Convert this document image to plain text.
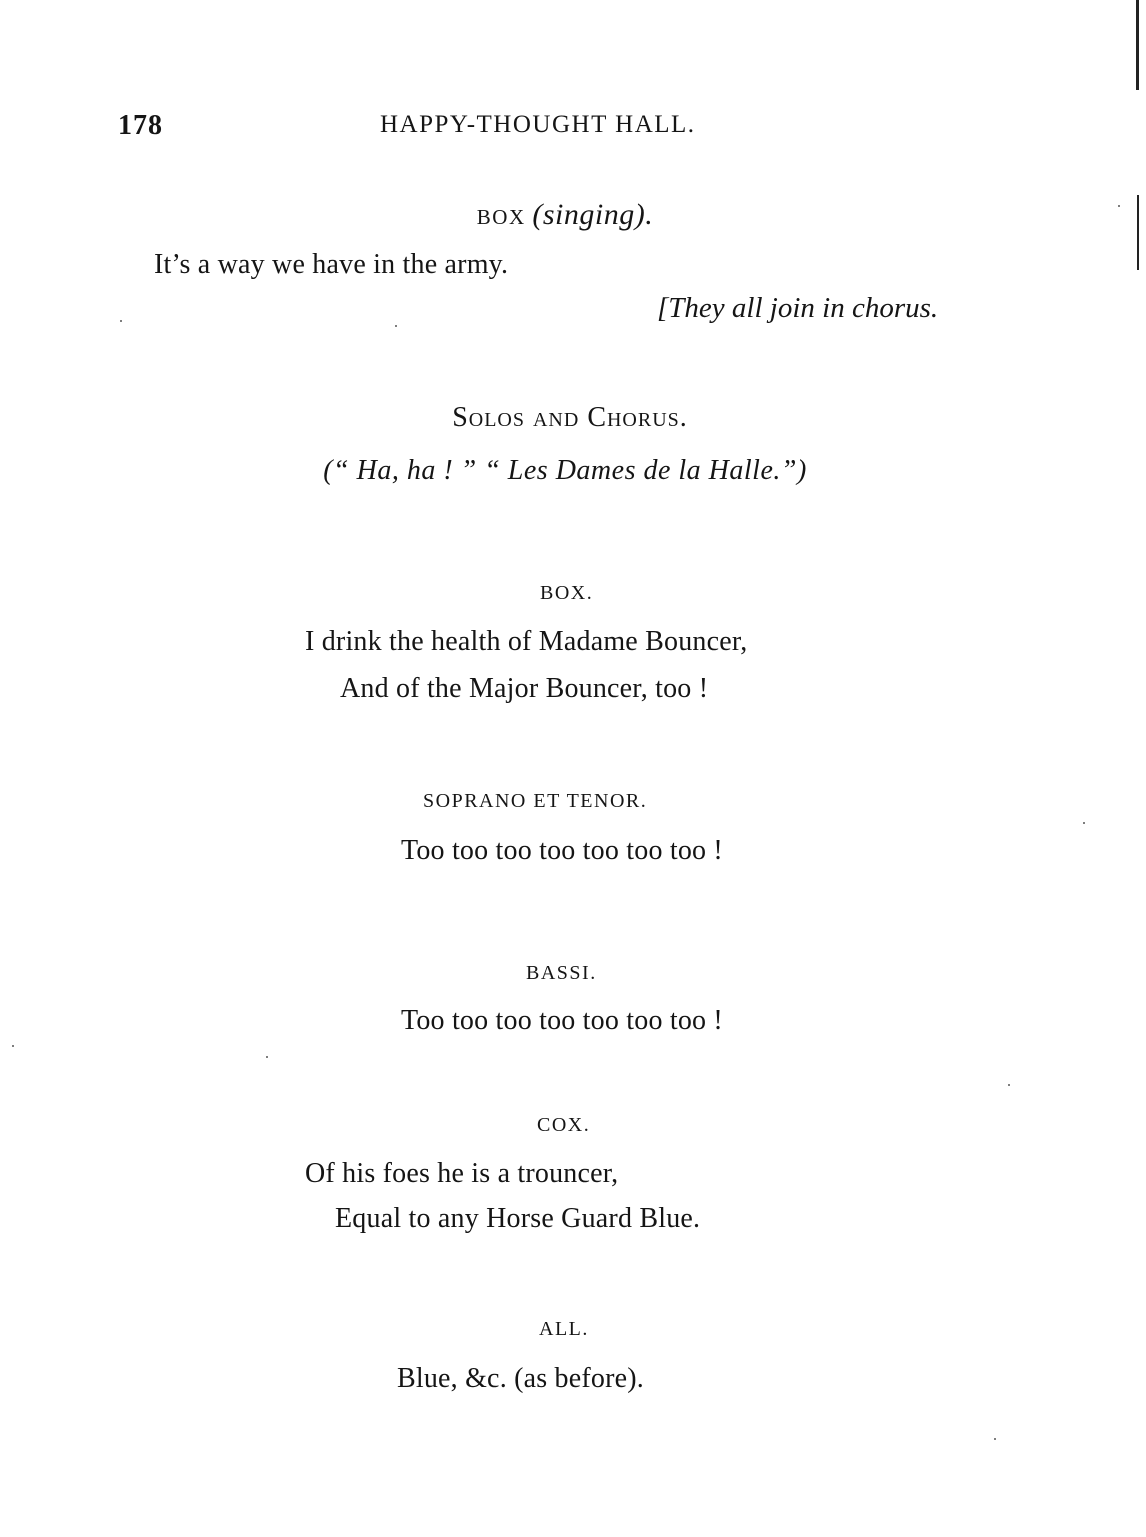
178	HAPPY-THOUGHT HALL.
BOX (singing).
It’s a way we have in the army.
[They all join in chorus.
Solos and Chorus.
(“ Ha, ha ! ” “ Les Dames de la Halle.”)
BOX.
I drink the health of Madame Bouncer,
And of the Major Bouncer, too !
SOPRANO ET TENOR.
Too too too too too too too !
BASSI.
Too too too too too too too !
COX.
Of his foes he is a trouncer,
Equal to any Horse Guard Blue.
ALL.
Blue, &c. (as before).
